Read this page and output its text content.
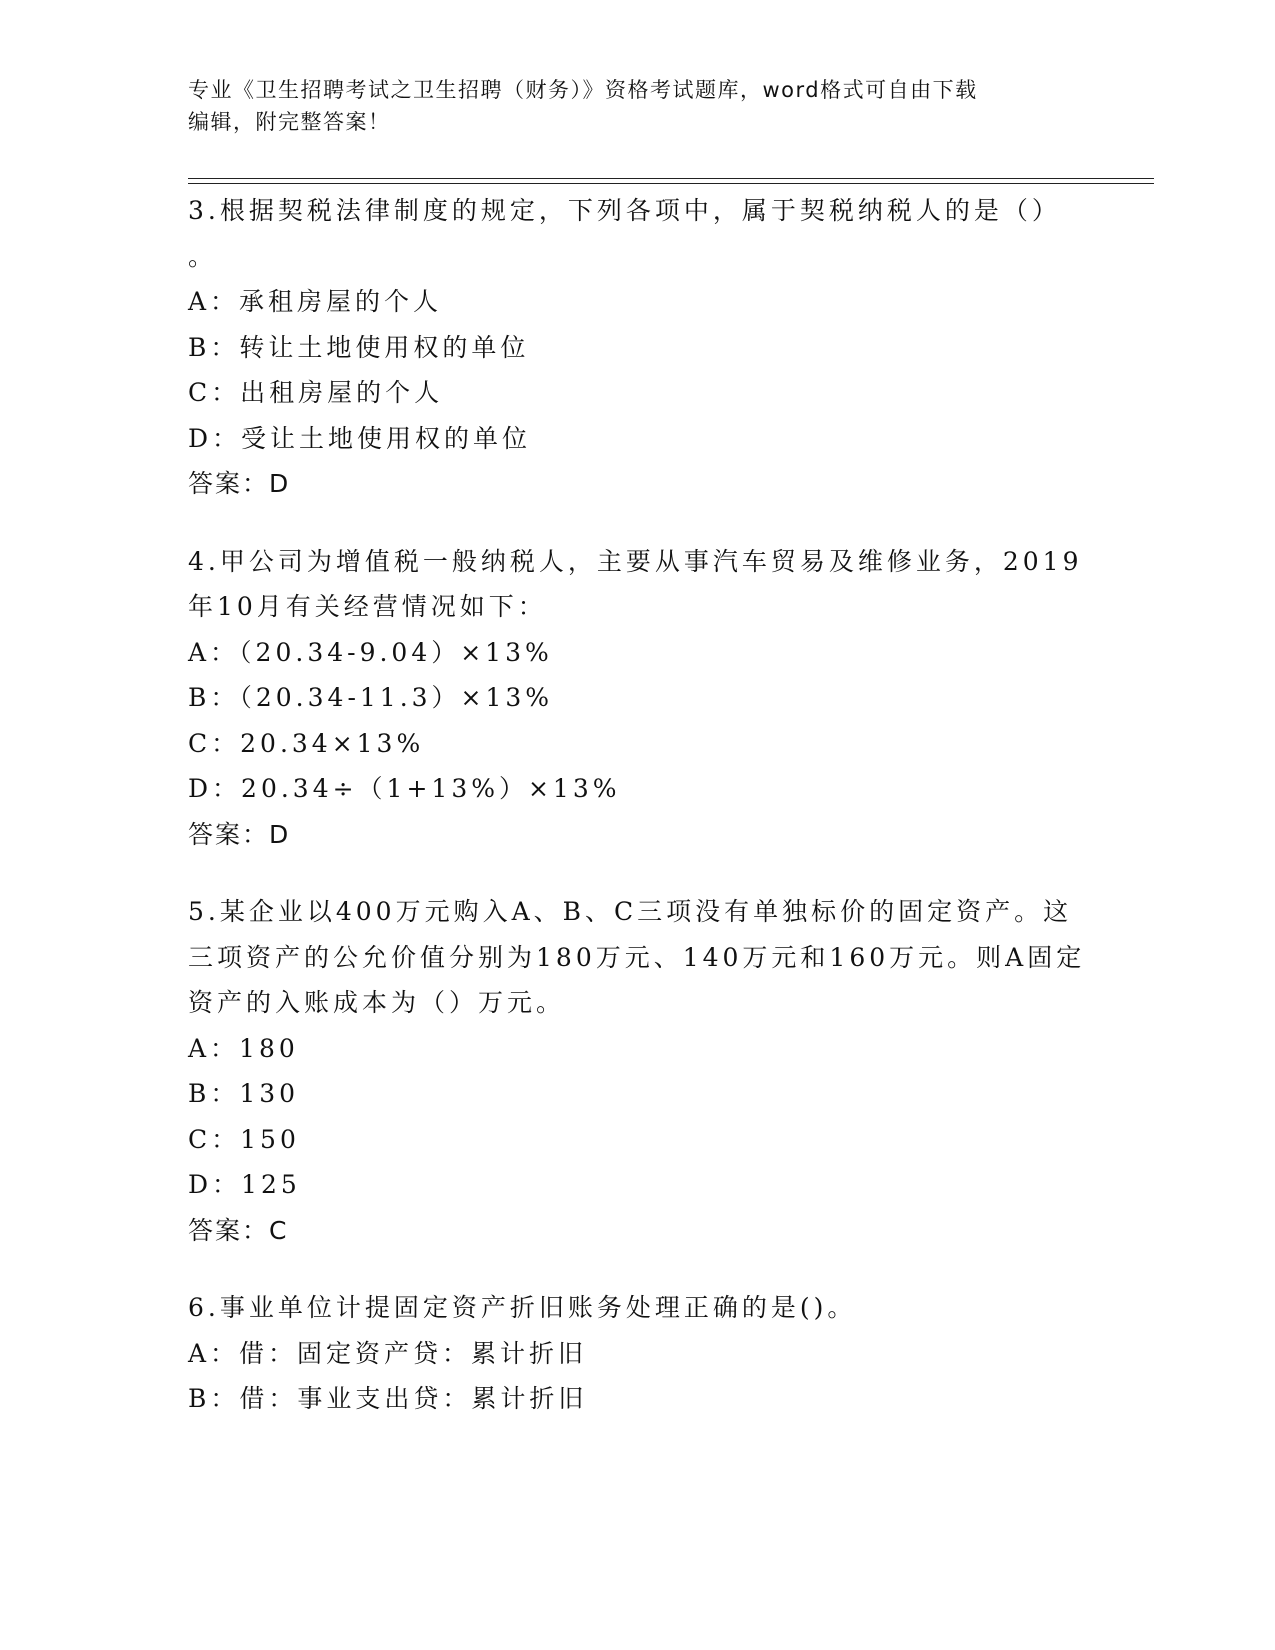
专业《卫生招聘考试之卫生招聘（财务）》资格考试题库，word格式可自由下载
编辑，附完整答案！
3.根据契税法律制度的规定，下列各项中，属于契税纳税人的是（）
。
A：承租房屋的个人
B：转让土地使用权的单位
C：出租房屋的个人
D：受让土地使用权的单位
答案：D
4.甲公司为增值税一般纳税人，主要从事汽车贸易及维修业务，2019
年10月有关经营情况如下：
A：（20.34-9.04）×13%
B：（20.34-11.3）×13%
C：20.34×13%
D：20.34÷（1+13%）×13%
答案：D
5.某企业以400万元购入A、B、C三项没有单独标价的固定资产。这
三项资产的公允价值分别为180万元、140万元和160万元。则A固定
资产的入账成本为（）万元。
A：180
B：130
C：150
D：125
答案：C
6.事业单位计提固定资产折旧账务处理正确的是()。
A：借：固定资产贷：累计折旧
B：借：事业支出贷：累计折旧
